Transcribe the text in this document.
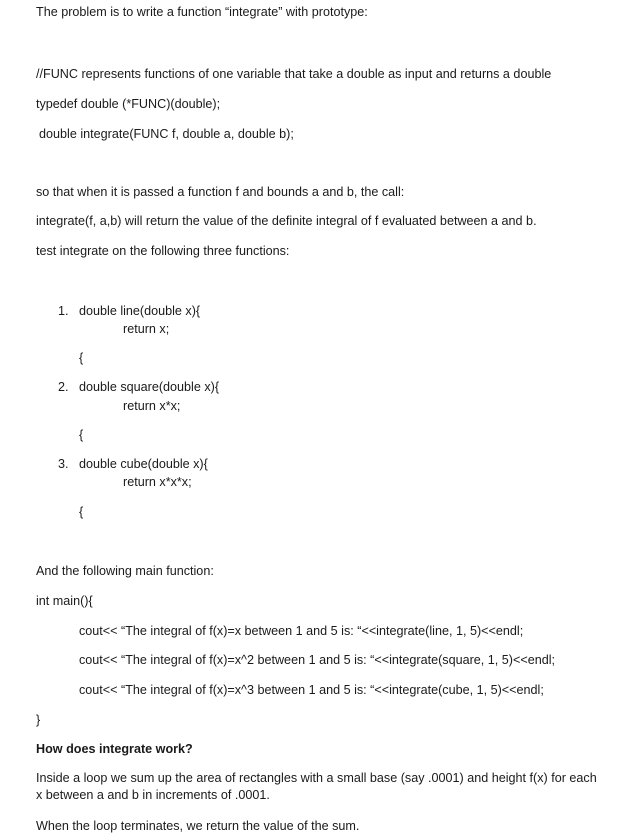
The problem is to write a function “integrate” with prototype:
//FUNC represents functions of one variable that take a double as input and returns a double
typedef double (*FUNC)(double);
double integrate(FUNC f, double a, double b);
so that when it is passed a function f and bounds a and b, the call:
integrate(f, a,b) will return the value of the definite integral of f evaluated between a and b.
test integrate on the following three functions:
1. double line(double x){
return x;
{
2. double square(double x){
return x*x;
{
3. double cube(double x){
return x*x*x;
{
And the following main function:
int main(){
cout<< “The integral of f(x)=x between 1 and 5 is: “<<integrate(line, 1, 5)<<endl;
cout<< “The integral of f(x)=x^2 between 1 and 5 is: “<<integrate(square, 1, 5)<<endl;
cout<< “The integral of f(x)=x^3 between 1 and 5 is: “<<integrate(cube, 1, 5)<<endl;
}
How does integrate work?
Inside a loop we sum up the area of rectangles with a small base (say .0001) and height f(x) for each x between a and b in increments of .0001.
When the loop terminates, we return the value of the sum.
